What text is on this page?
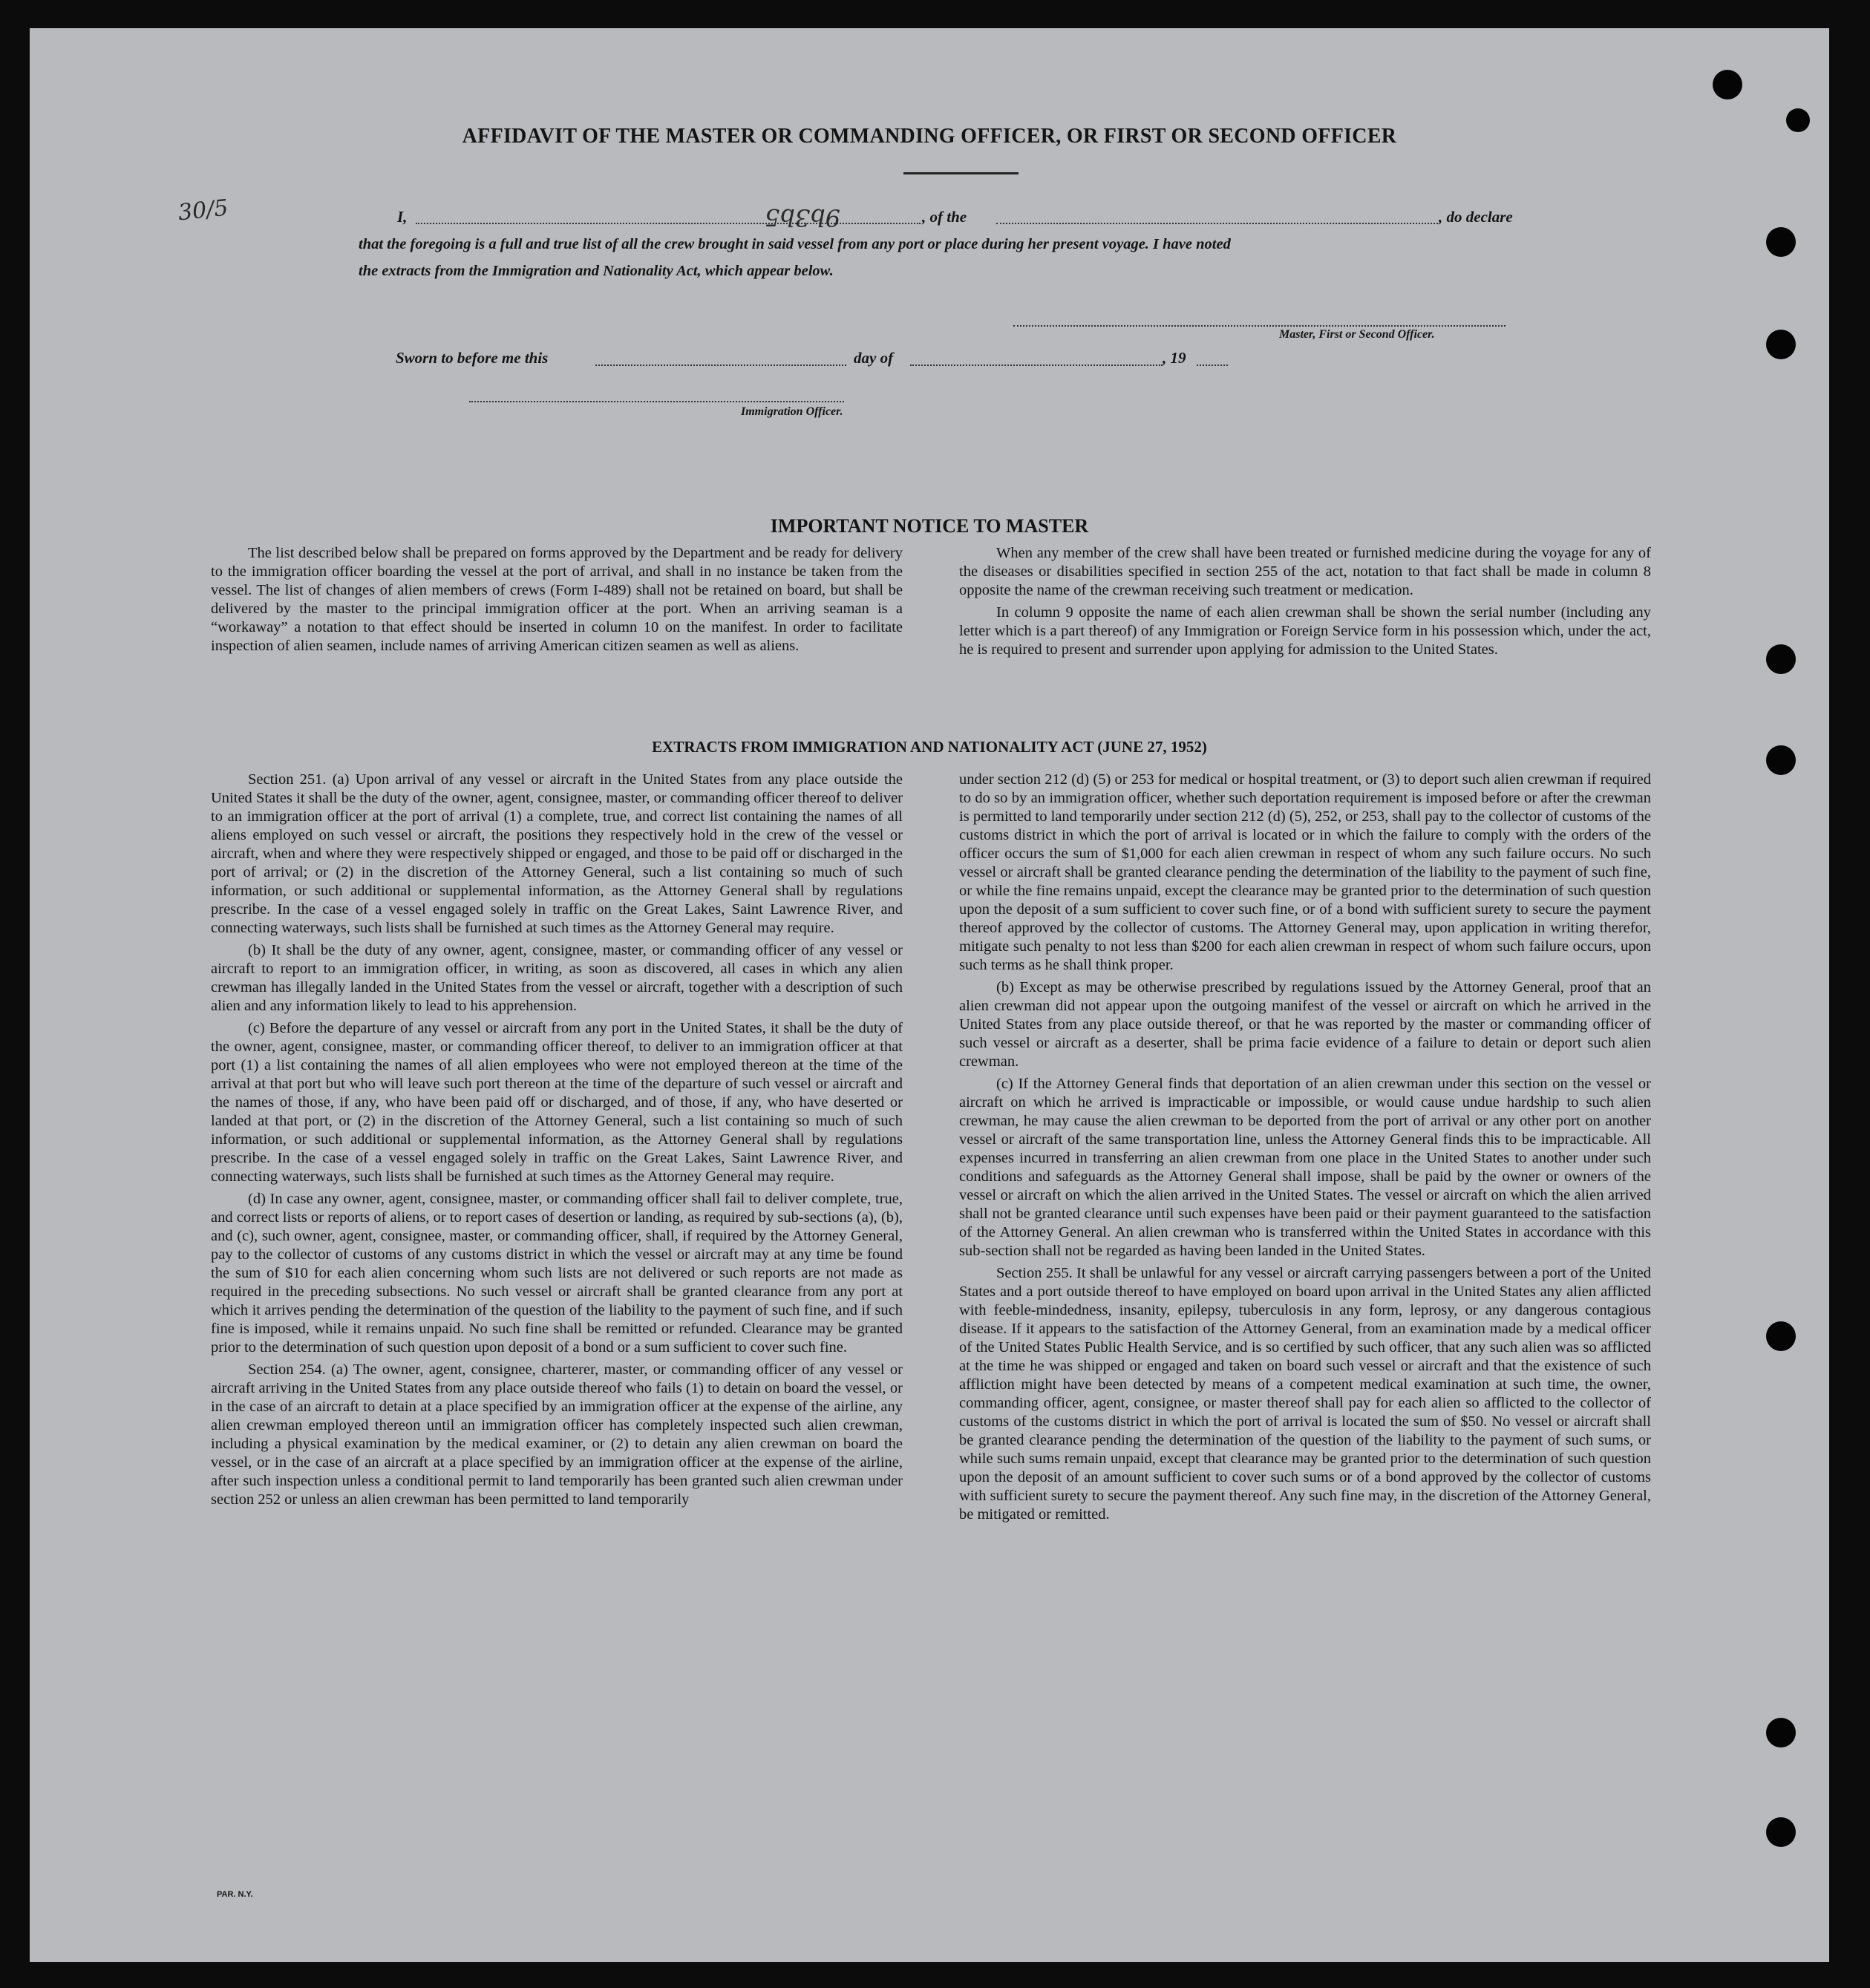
AFFIDAVIT OF THE MASTER OR COMMANDING OFFICER, OR FIRST OR SECOND OFFICER
30/5	I,	9b3b5	, of the	, do declare
that the foregoing is a full and true list of all the crew brought in said vessel from any port or place during her present voyage. I have noted
the extracts from the Immigration and Nationality Act, which appear below.
Master, First or Second Officer.
Sworn to before me this	day of	, 19
Immigration Officer.
IMPORTANT NOTICE TO MASTER

The list described below shall be prepared on forms approved by the Department and be ready for delivery to the immigration officer boarding the vessel at the port of arrival, and shall in no instance be taken from the vessel. The list of changes of alien members of crews (Form I-489) shall not be retained on board, but shall be delivered by the master to the principal immigration officer at the port. When an arriving seaman is a “workaway” a notation to that effect should be inserted in column 10 on the manifest. In order to facilitate inspection of alien seamen, include names of arriving American citizen seamen as well as aliens.

When any member of the crew shall have been treated or furnished medicine during the voyage for any of the diseases or disabilities specified in section 255 of the act, notation to that fact shall be made in column 8 opposite the name of the crewman receiving such treatment or medication.

In column 9 opposite the name of each alien crewman shall be shown the serial number (including any letter which is a part thereof) of any Immigration or Foreign Service form in his possession which, under the act, he is required to present and surrender upon applying for admission to the United States.

EXTRACTS FROM IMMIGRATION AND NATIONALITY ACT (JUNE 27, 1952)

Section 251. (a) Upon arrival of any vessel or aircraft in the United States from any place outside the United States it shall be the duty of the owner, agent, consignee, master, or commanding officer thereof to deliver to an immigration officer at the port of arrival (1) a complete, true, and correct list containing the names of all aliens employed on such vessel or aircraft, the positions they respectively hold in the crew of the vessel or aircraft, when and where they were respectively shipped or engaged, and those to be paid off or discharged in the port of arrival; or (2) in the discretion of the Attorney General, such a list containing so much of such information, or such additional or supplemental information, as the Attorney General shall by regulations prescribe. In the case of a vessel engaged solely in traffic on the Great Lakes, Saint Lawrence River, and connecting waterways, such lists shall be furnished at such times as the Attorney General may require.

(b) It shall be the duty of any owner, agent, consignee, master, or commanding officer of any vessel or aircraft to report to an immigration officer, in writing, as soon as discovered, all cases in which any alien crewman has illegally landed in the United States from the vessel or aircraft, together with a description of such alien and any information likely to lead to his apprehension.

(c) Before the departure of any vessel or aircraft from any port in the United States, it shall be the duty of the owner, agent, consignee, master, or commanding officer thereof, to deliver to an immigration officer at that port (1) a list containing the names of all alien employees who were not employed thereon at the time of the arrival at that port but who will leave such port thereon at the time of the departure of such vessel or aircraft and the names of those, if any, who have been paid off or discharged, and of those, if any, who have deserted or landed at that port, or (2) in the discretion of the Attorney General, such a list containing so much of such information, or such additional or supplemental information, as the Attorney General shall by regulations prescribe. In the case of a vessel engaged solely in traffic on the Great Lakes, Saint Lawrence River, and connecting waterways, such lists shall be furnished at such times as the Attorney General may require.

(d) In case any owner, agent, consignee, master, or commanding officer shall fail to deliver complete, true, and correct lists or reports of aliens, or to report cases of desertion or landing, as required by sub-sections (a), (b), and (c), such owner, agent, consignee, master, or commanding officer, shall, if required by the Attorney General, pay to the collector of customs of any customs district in which the vessel or aircraft may at any time be found the sum of $10 for each alien concerning whom such lists are not delivered or such reports are not made as required in the preceding subsections. No such vessel or aircraft shall be granted clearance from any port at which it arrives pending the determination of the question of the liability to the payment of such fine, and if such fine is imposed, while it remains unpaid. No such fine shall be remitted or refunded. Clearance may be granted prior to the determination of such question upon deposit of a bond or a sum sufficient to cover such fine.

Section 254. (a) The owner, agent, consignee, charterer, master, or commanding officer of any vessel or aircraft arriving in the United States from any place outside thereof who fails (1) to detain on board the vessel, or in the case of an aircraft to detain at a place specified by an immigration officer at the expense of the airline, any alien crewman employed thereon until an immigration officer has completely inspected such alien crewman, including a physical examination by the medical examiner, or (2) to detain any alien crewman on board the vessel, or in the case of an aircraft at a place specified by an immigration officer at the expense of the airline, after such inspection unless a conditional permit to land temporarily has been granted such alien crewman under section 252 or unless an alien crewman has been permitted to land temporarily

under section 212 (d) (5) or 253 for medical or hospital treatment, or (3) to deport such alien crewman if required to do so by an immigration officer, whether such deportation requirement is imposed before or after the crewman is permitted to land temporarily under section 212 (d) (5), 252, or 253, shall pay to the collector of customs of the customs district in which the port of arrival is located or in which the failure to comply with the orders of the officer occurs the sum of $1,000 for each alien crewman in respect of whom any such failure occurs. No such vessel or aircraft shall be granted clearance pending the determination of the liability to the payment of such fine, or while the fine remains unpaid, except the clearance may be granted prior to the determination of such question upon the deposit of a sum sufficient to cover such fine, or of a bond with sufficient surety to secure the payment thereof approved by the collector of customs. The Attorney General may, upon application in writing therefor, mitigate such penalty to not less than $200 for each alien crewman in respect of whom such failure occurs, upon such terms as he shall think proper.

(b) Except as may be otherwise prescribed by regulations issued by the Attorney General, proof that an alien crewman did not appear upon the outgoing manifest of the vessel or aircraft on which he arrived in the United States from any place outside thereof, or that he was reported by the master or commanding officer of such vessel or aircraft as a deserter, shall be prima facie evidence of a failure to detain or deport such alien crewman.

(c) If the Attorney General finds that deportation of an alien crewman under this section on the vessel or aircraft on which he arrived is impracticable or impossible, or would cause undue hardship to such alien crewman, he may cause the alien crewman to be deported from the port of arrival or any other port on another vessel or aircraft of the same transportation line, unless the Attorney General finds this to be impracticable. All expenses incurred in transferring an alien crewman from one place in the United States to another under such conditions and safeguards as the Attorney General shall impose, shall be paid by the owner or owners of the vessel or aircraft on which the alien arrived in the United States. The vessel or aircraft on which the alien arrived shall not be granted clearance until such expenses have been paid or their payment guaranteed to the satisfaction of the Attorney General. An alien crewman who is transferred within the United States in accordance with this sub-section shall not be regarded as having been landed in the United States.

Section 255. It shall be unlawful for any vessel or aircraft carrying passengers between a port of the United States and a port outside thereof to have employed on board upon arrival in the United States any alien afflicted with feeble-mindedness, insanity, epilepsy, tuberculosis in any form, leprosy, or any dangerous contagious disease. If it appears to the satisfaction of the Attorney General, from an examination made by a medical officer of the United States Public Health Service, and is so certified by such officer, that any such alien was so afflicted at the time he was shipped or engaged and taken on board such vessel or aircraft and that the existence of such affliction might have been detected by means of a competent medical examination at such time, the owner, commanding officer, agent, consignee, or master thereof shall pay for each alien so afflicted to the collector of customs of the customs district in which the port of arrival is located the sum of $50. No vessel or aircraft shall be granted clearance pending the determination of the question of the liability to the payment of such sums, or while such sums remain unpaid, except that clearance may be granted prior to the determination of such question upon the deposit of an amount sufficient to cover such sums or of a bond approved by the collector of customs with sufficient surety to secure the payment thereof. Any such fine may, in the discretion of the Attorney General, be mitigated or remitted.

PAR. N.Y.
